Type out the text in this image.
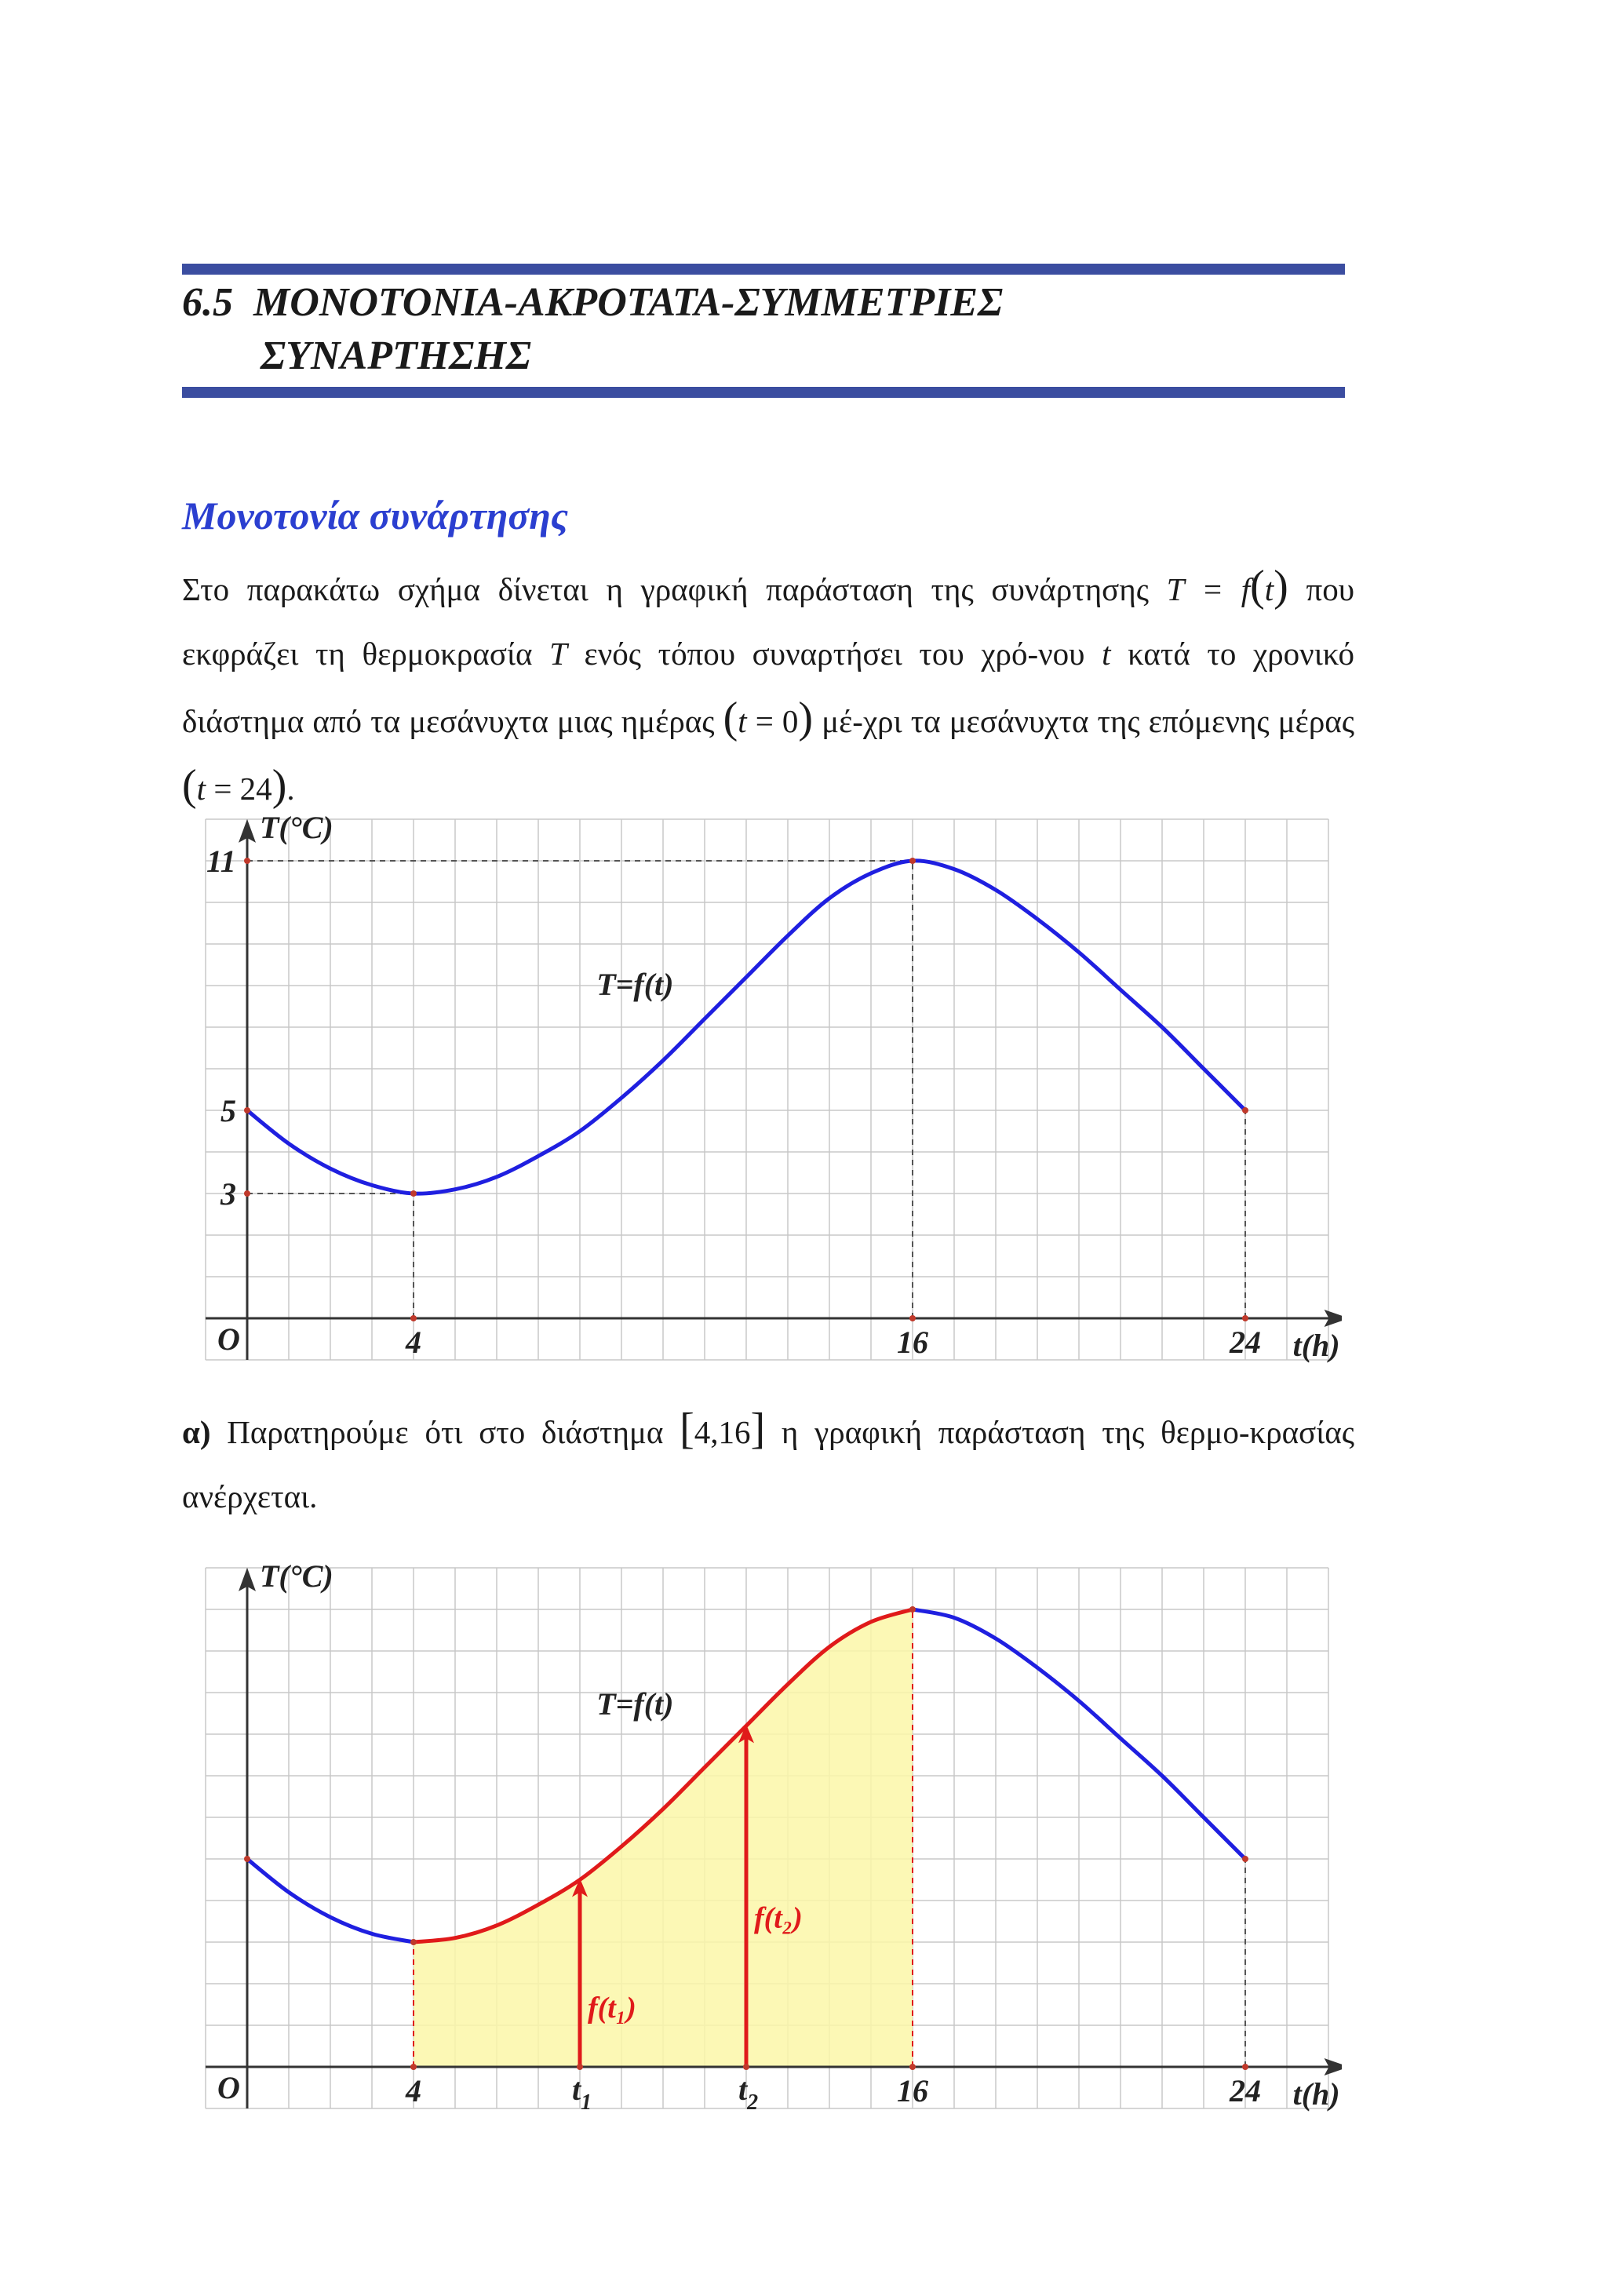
6.5 ΜΟΝΟΤΟΝΙΑ-ΑΚΡΟΤΑΤΑ-ΣΥΜΜΕΤΡΙΕΣ
ΣΥΝΑΡΤΗΣΗΣ
Μονοτονία συνάρτησης
Στο παρακάτω σχήμα δίνεται η γραφική παράσταση της συνάρτησης T = f(t) που εκφράζει τη θερμοκρασία T ενός τόπου συναρτήσει του χρό-νου t κατά το χρονικό διάστημα από τα μεσάνυχτα μιας ημέρας (t = 0) μέ-χρι τα μεσάνυχτα της επόμενης μέρας (t = 24).
T(°C)
t(h)
O	4	16	24
3
5
11
T=f(t)
α) Παρατηρούμε ότι στο διάστημα [4,16] η γραφική παράσταση της θερμο-κρασίας ανέρχεται.
T(°C)
t(h)
O
f(t₁)
f(t₂)
4	$t_1$	$t_2$	16	24
T=f(t)
